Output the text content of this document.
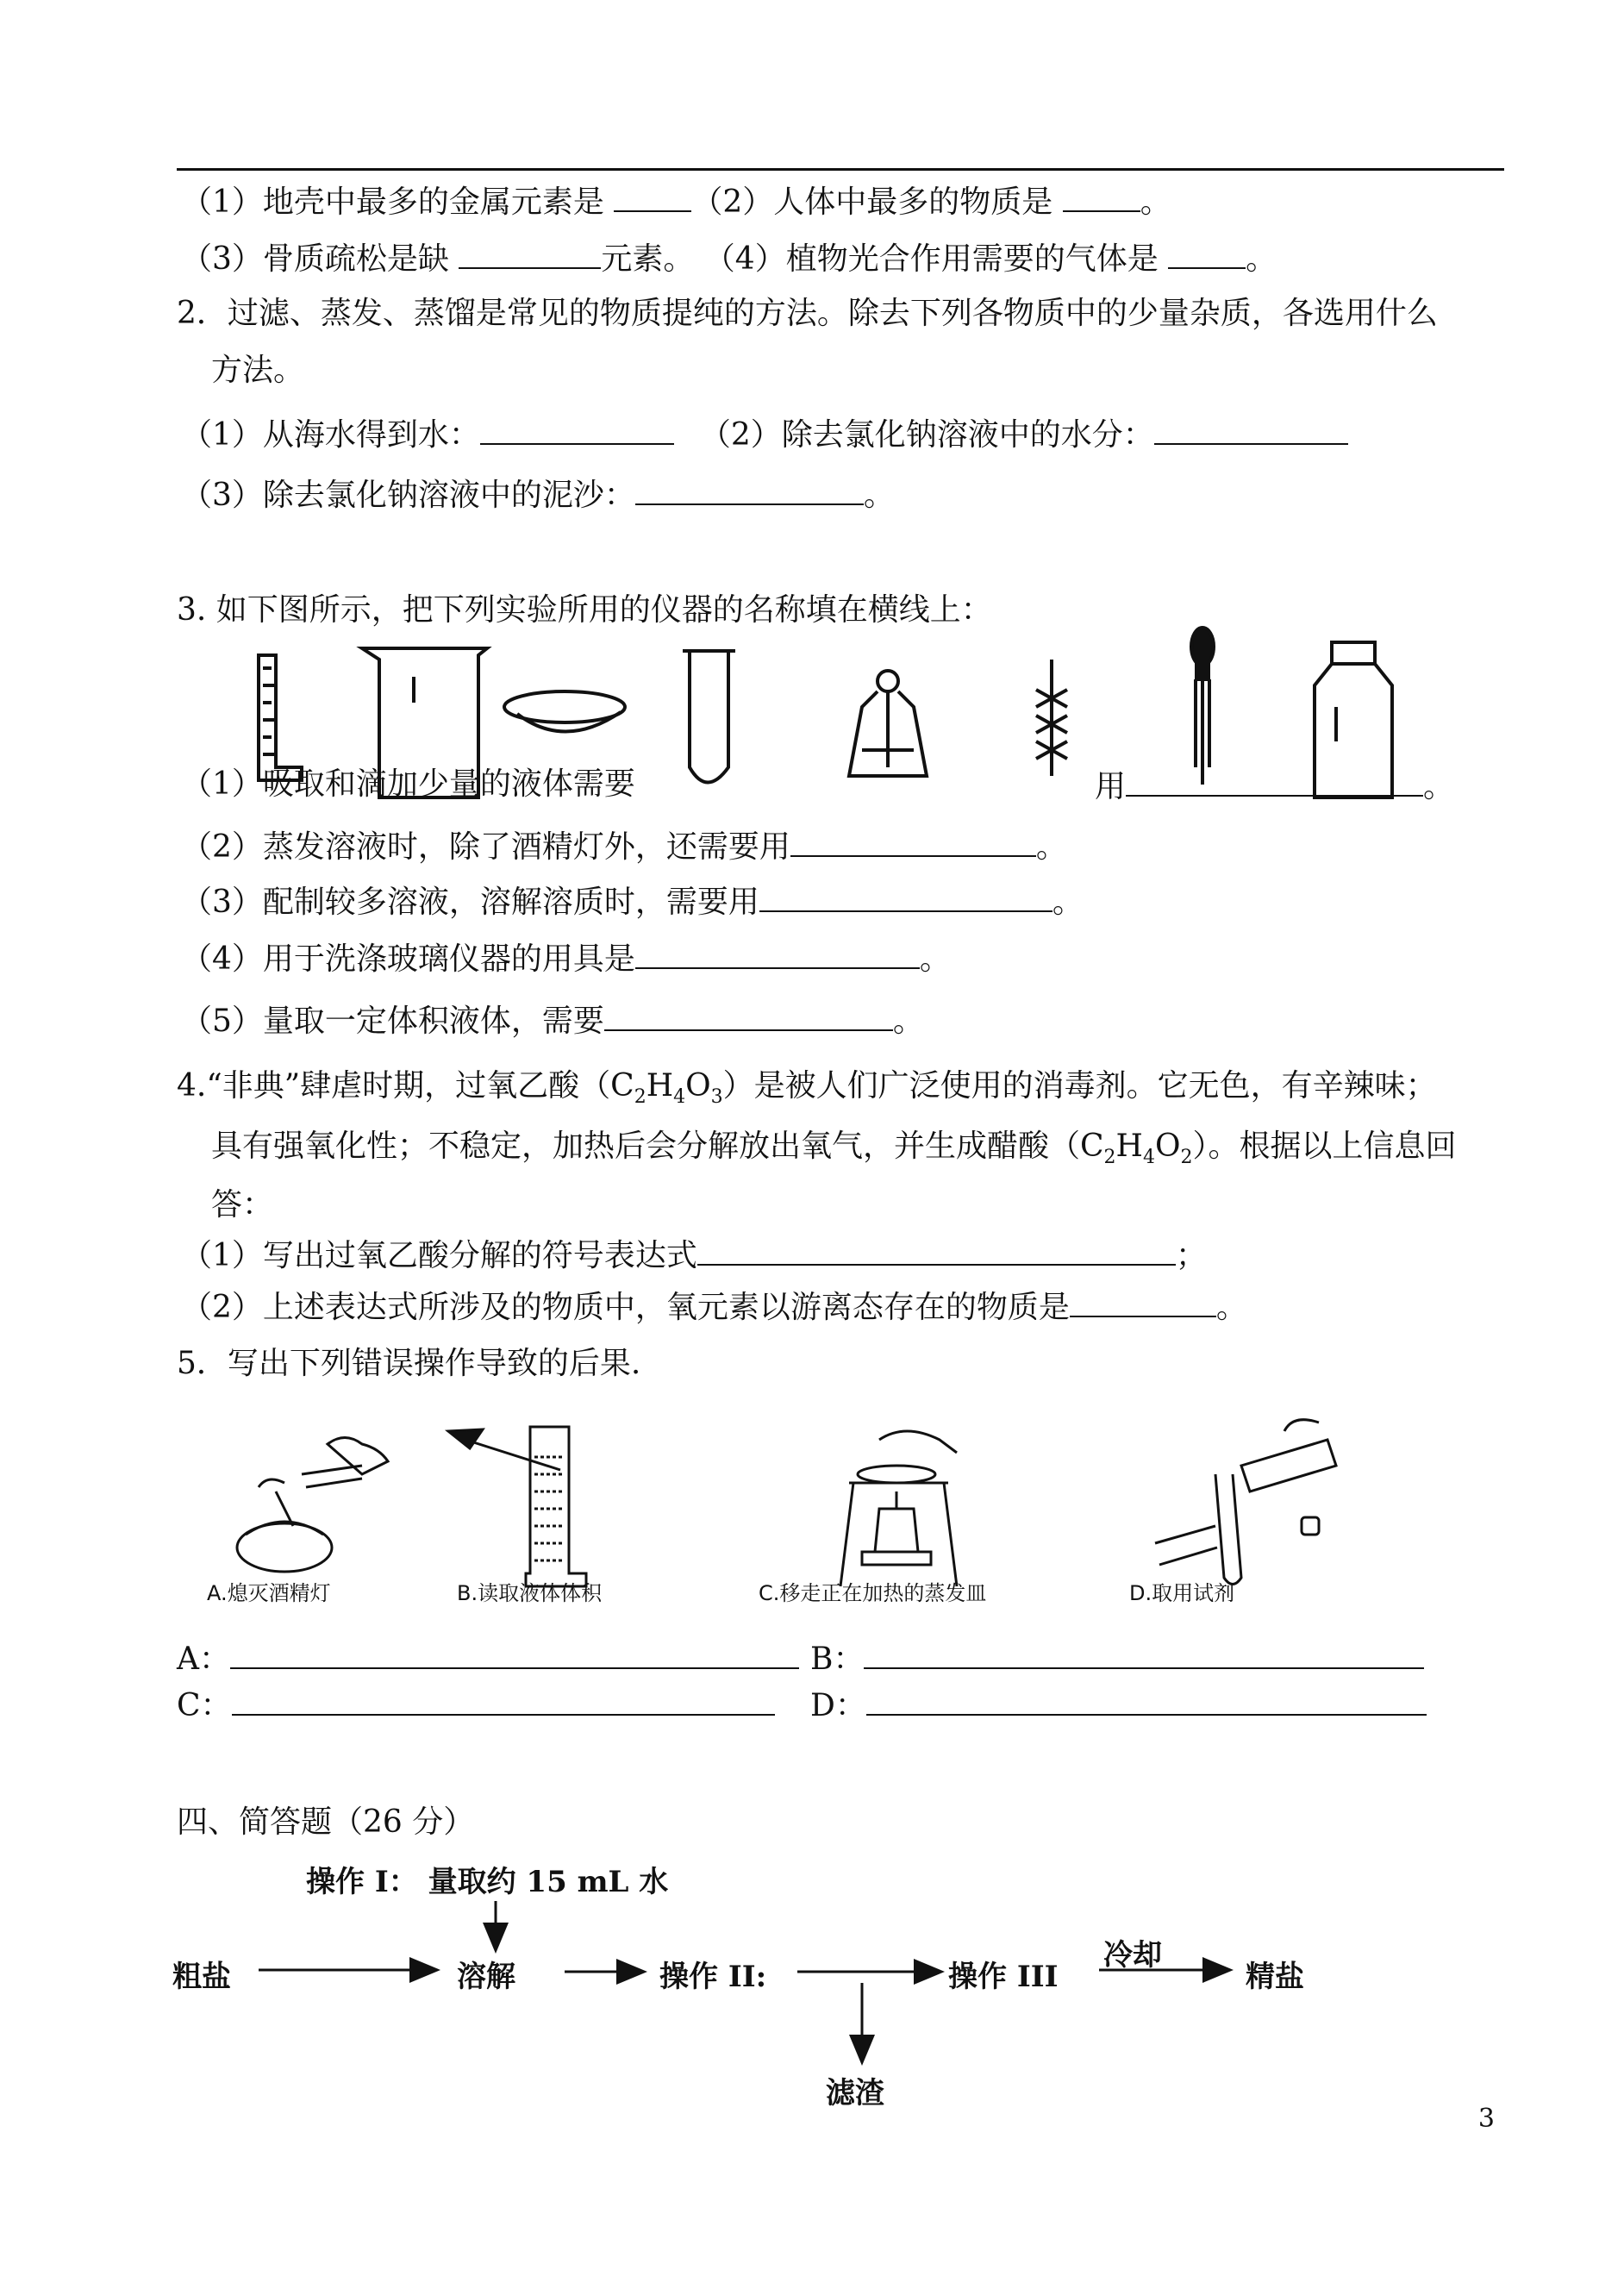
（1）地壳中最多的金属元素是	（2）人体中最多的物质是	。
（3）骨质疏松是缺	元素。 （4）植物光合作用需要的气体是	。
2．过滤、蒸发、蒸馏是常见的物质提纯的方法。除去下列各物质中的少量杂质，各选用什么
方法。
（1）从海水得到水：	（2）除去氯化钠溶液中的水分：
（3）除去氯化钠溶液中的泥沙：	。
3. 如下图所示，把下列实验所用的仪器的名称填在横线上：
（1）吸取和滴加少量的液体需要	用	。
（2）蒸发溶液时，除了酒精灯外，还需要用	。
（3）配制较多溶液，溶解溶质时，需要用	。
（4）用于洗涤玻璃仪器的用具是	。
（5）量取一定体积液体，需要	。
4.“非典”肆虐时期，过氧乙酸$(C_2H_4O_3)$是被人们广泛使用的消毒剂。它无色，有辛辣味；
具有强氧化性；不稳定，加热后会分解放出氧气，并生成醋酸$(C_2H_4O_2)$。根据以上信息回
答：
（1）写出过氧乙酸分解的符号表达式	；
（2）上述表达式所涉及的物质中，氧元素以游离态存在的物质是	。
5．写出下列错误操作导致的后果.
A.熄灭酒精灯	B.读取液体体积	C.移走正在加热的蒸发皿	D.取用试剂
A：	B：
C：	D：
四、简答题（26 分）
操作 I： 量取约 15 mL 水
粗盐	溶解	操作 II:	操作 III
冷却
精盐
滤渣
3
